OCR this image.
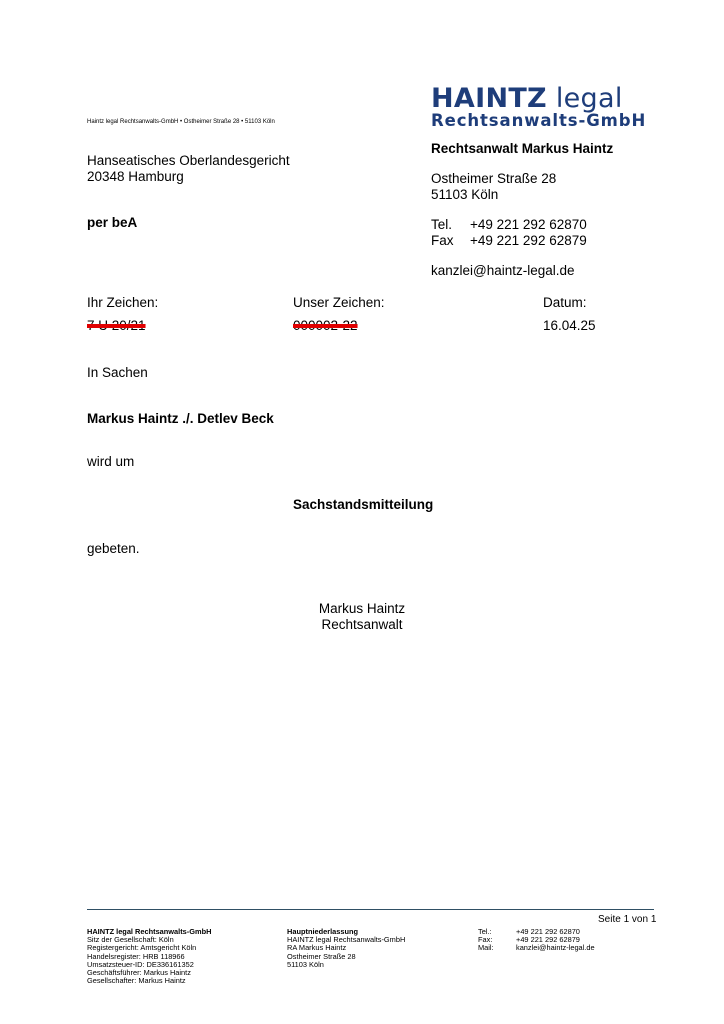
HAINTZ legal
Rechtsanwalts-GmbH
Haintz legal Rechtsanwalts-GmbH • Ostheimer Straße 28 • 51103 Köln
Hanseatisches Oberlandesgericht
20348 Hamburg
per beA
Rechtsanwalt Markus Haintz
Ostheimer Straße 28
51103 Köln
Tel. +49 221 292 62870
Fax +49 221 292 62879
kanzlei@haintz-legal.de
Ihr Zeichen:
7 U 20/21
Unser Zeichen:
000002-22
Datum:
16.04.25
In Sachen
Markus Haintz ./. Detlev Beck
wird um
Sachstandsmitteilung
gebeten.
Markus Haintz
Rechtsanwalt
Seite 1 von 1
HAINTZ legal Rechtsanwalts-GmbH
Sitz der Gesellschaft: Köln
Registergericht: Amtsgericht Köln
Handelsregister: HRB 118966
Umsatzsteuer-ID: DE336161352
Geschäftsführer: Markus Haintz
Gesellschafter: Markus Haintz
Hauptniederlassung
HAINTZ legal Rechtsanwalts-GmbH
RA Markus Haintz
Ostheimer Straße 28
51103 Köln
Tel.:
Fax:
Mail:
+49 221 292 62870
+49 221 292 62879
kanzlei@haintz-legal.de
